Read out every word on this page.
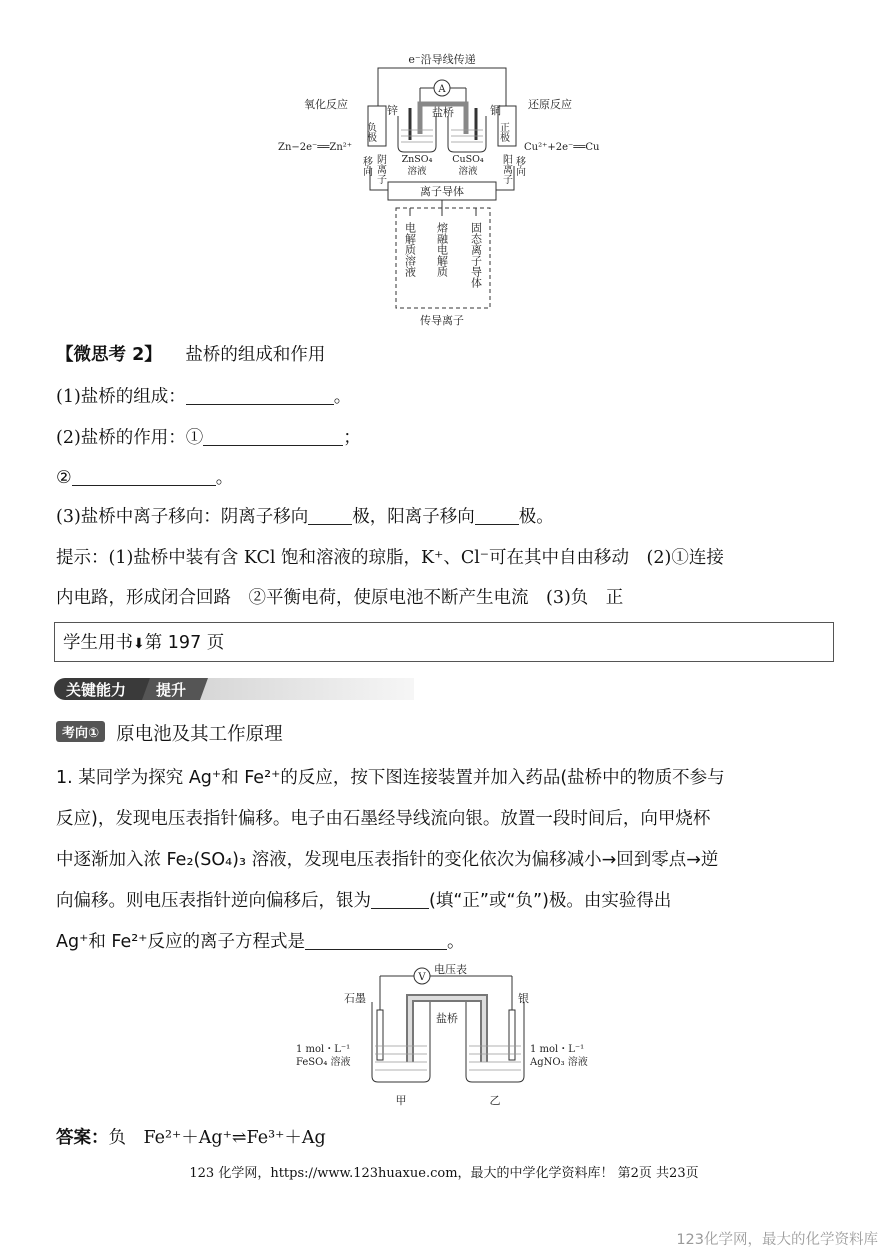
e⁻沿导线传递
A
氧化反应
负极
Zn−2e⁻══Zn²⁺
锌	盐桥	铜 还原反应
正极
Cu²⁺+2e⁻══Cu
ZnSO₄
溶液
CuSO₄
溶液
移向 阴离子	阳离子 移向
离子导体
电解质溶液 熔融电解质 固态离子导体
传导离子
【微思考 2】 盐桥的组成和作用
(1)盐桥的组成：	。
(2)盐桥的作用：①	；
②	。
(3)盐桥中离子移向：阴离子移向	极，阳离子移向	极。
提示：(1)盐桥中装有含 KCl 饱和溶液的琼脂，K⁺、Cl⁻可在其中自由移动　(2)①连接
内电路，形成闭合回路　②平衡电荷，使原电池不断产生电流　(3)负　正
学生用书⬇第 197 页
关键能力 提升
考向① 原电池及其工作原理
1. 某同学为探究 Ag⁺和 Fe²⁺的反应，按下图连接装置并加入药品(盐桥中的物质不参与
反应)，发现电压表指针偏移。电子由石墨经导线流向银。放置一段时间后，向甲烧杯
中逐渐加入浓 Fe₂(SO₄)₃ 溶液，发现电压表指针的变化依次为偏移减小→回到零点→逆
向偏移。则电压表指针逆向偏移后，银为	(填“正”或“负”)极。由实验得出
Ag⁺和 Fe²⁺反应的离子方程式是	。
V
电压表
石墨
盐桥
银
1 mol・L⁻¹
FeSO₄ 溶液
1 mol・L⁻¹
AgNO₃ 溶液
甲	乙
答案：负　Fe²⁺＋Ag⁺⇌Fe³⁺＋Ag
123 化学网，https://www.123huaxue.com，最大的中学化学资料库！ 第2页 共23页
123化学网，最大的化学资料库
